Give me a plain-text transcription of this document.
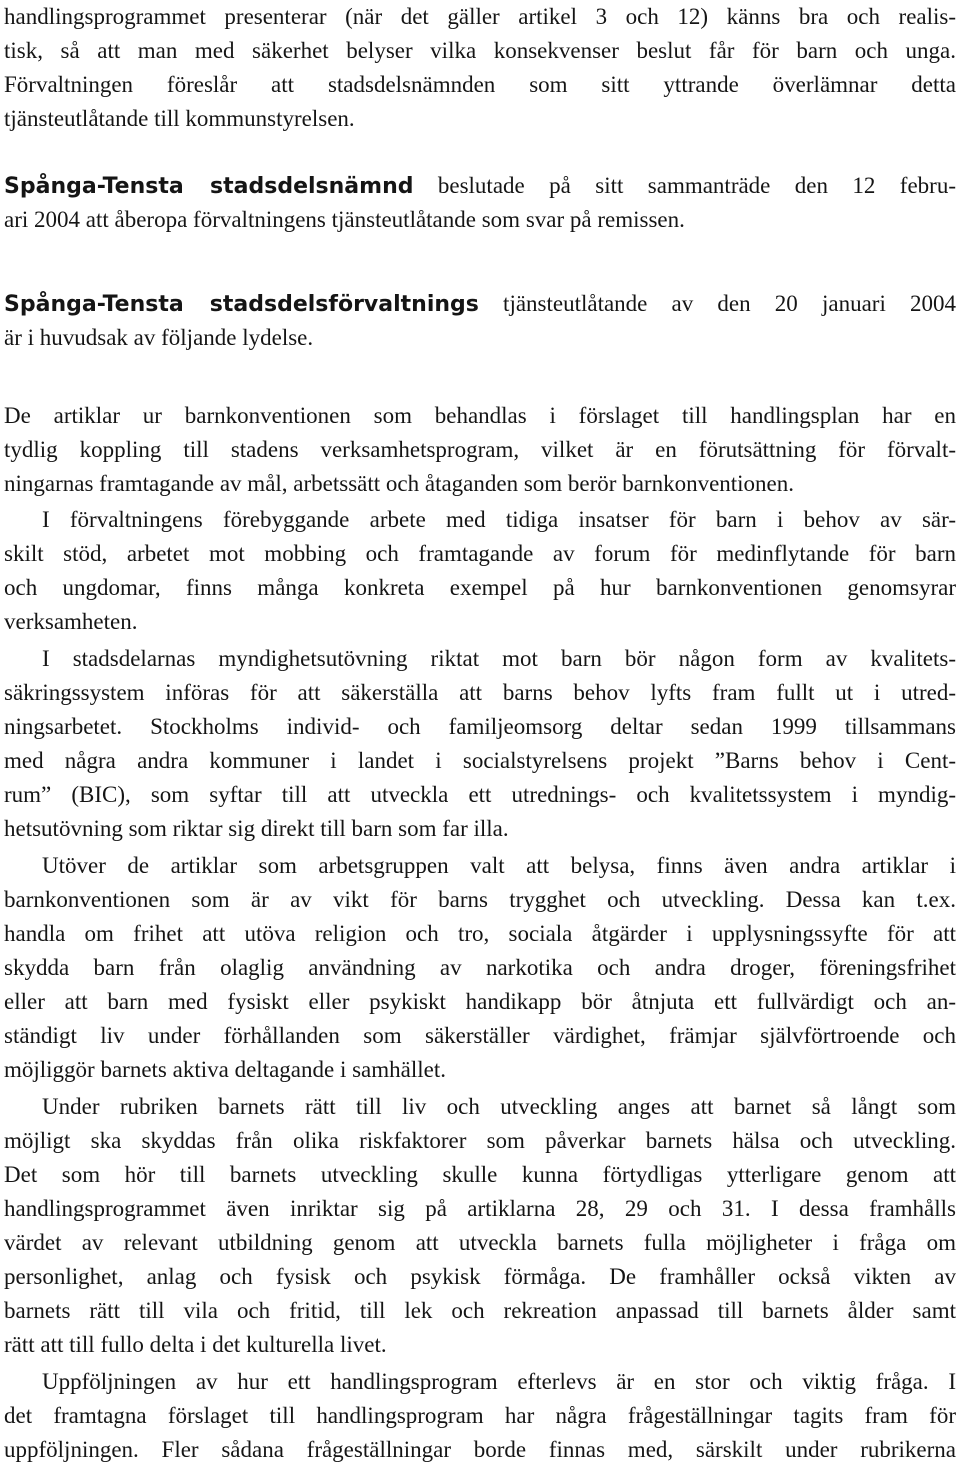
handlingsprogrammet presenterar (när det gäller artikel 3 och 12) känns bra och realis-
tisk, så att man med säkerhet belyser vilka konsekvenser beslut får för barn och unga.
Förvaltningen föreslår att stadsdelsnämnden som sitt yttrande överlämnar detta
tjänsteutlåtande till kommunstyrelsen.
Spånga-Tensta stadsdelsnämnd beslutade på sitt sammanträde den 12 febru-
ari 2004 att åberopa förvaltningens tjänsteutlåtande som svar på remissen.
Spånga-Tensta stadsdelsförvaltnings tjänsteutlåtande av den 20 januari 2004
är i huvudsak av följande lydelse.
De artiklar ur barnkonventionen som behandlas i förslaget till handlingsplan har en
tydlig koppling till stadens verksamhetsprogram, vilket är en förutsättning för förvalt-
ningarnas framtagande av mål, arbetssätt och åtaganden som berör barnkonventionen.
I förvaltningens förebyggande arbete med tidiga insatser för barn i behov av sär-
skilt stöd, arbetet mot mobbing och framtagande av forum för medinflytande för barn
och ungdomar, finns många konkreta exempel på hur barnkonventionen genomsyrar
verksamheten.
I stadsdelarnas myndighetsutövning riktat mot barn bör någon form av kvalitets-
säkringssystem införas för att säkerställa att barns behov lyfts fram fullt ut i utred-
ningsarbetet. Stockholms individ- och familjeomsorg deltar sedan 1999 tillsammans
med några andra kommuner i landet i socialstyrelsens projekt ”Barns behov i Cent-
rum” (BIC), som syftar till att utveckla ett utrednings- och kvalitetssystem i myndig-
hetsutövning som riktar sig direkt till barn som far illa.
Utöver de artiklar som arbetsgruppen valt att belysa, finns även andra artiklar i
barnkonventionen som är av vikt för barns trygghet och utveckling. Dessa kan t.ex.
handla om frihet att utöva religion och tro, sociala åtgärder i upplysningssyfte för att
skydda barn från olaglig användning av narkotika och andra droger, föreningsfrihet
eller att barn med fysiskt eller psykiskt handikapp bör åtnjuta ett fullvärdigt och an-
ständigt liv under förhållanden som säkerställer värdighet, främjar självförtroende och
möjliggör barnets aktiva deltagande i samhället.
Under rubriken barnets rätt till liv och utveckling anges att barnet så långt som
möjligt ska skyddas från olika riskfaktorer som påverkar barnets hälsa och utveckling.
Det som hör till barnets utveckling skulle kunna förtydligas ytterligare genom att
handlingsprogrammet även inriktar sig på artiklarna 28, 29 och 31. I dessa framhålls
värdet av relevant utbildning genom att utveckla barnets fulla möjligheter i fråga om
personlighet, anlag och fysisk och psykisk förmåga. De framhåller också vikten av
barnets rätt till vila och fritid, till lek och rekreation anpassad till barnets ålder samt
rätt att till fullo delta i det kulturella livet.
Uppföljningen av hur ett handlingsprogram efterlevs är en stor och viktig fråga. I
det framtagna förslaget till handlingsprogram har några frågeställningar tagits fram för
uppföljningen. Fler sådana frågeställningar borde finnas med, särskilt under rubrikerna
